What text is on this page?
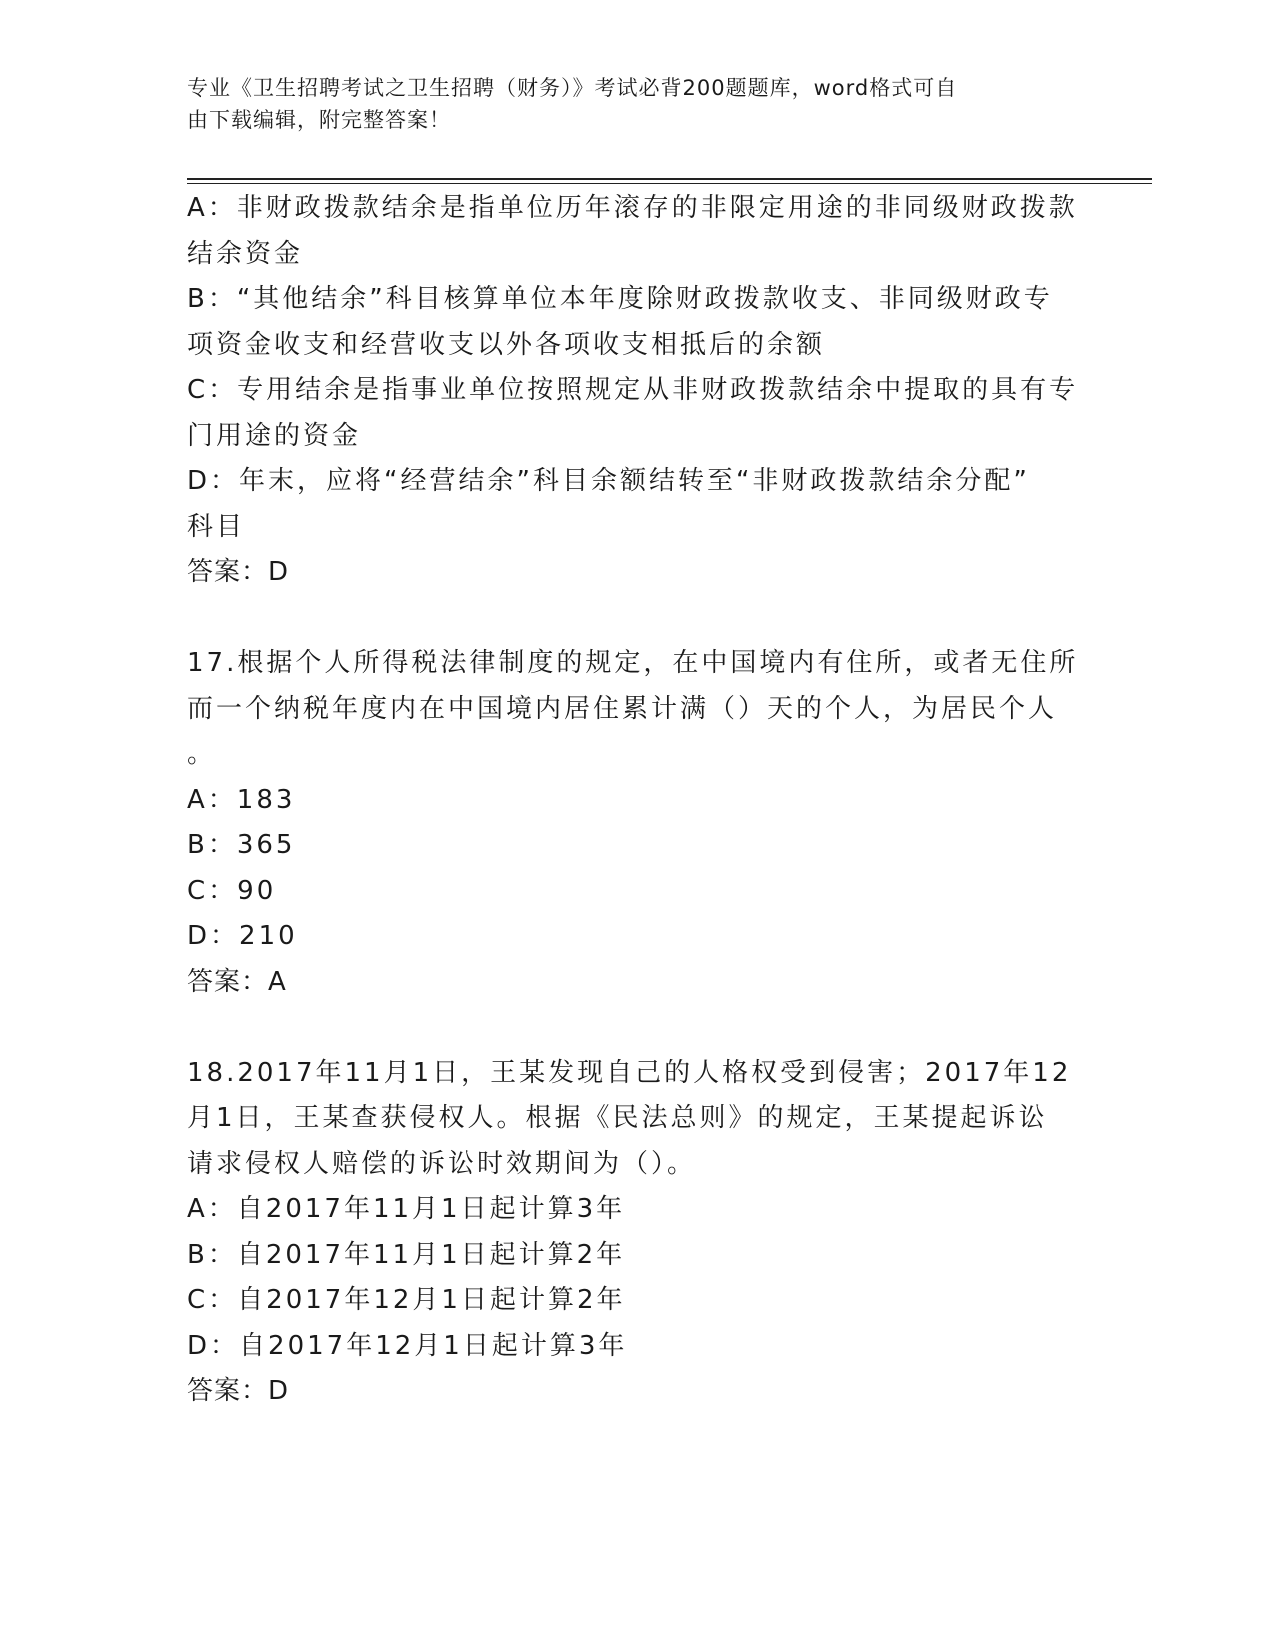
专业《卫生招聘考试之卫生招聘（财务）》考试必背200题题库，word格式可自
由下载编辑，附完整答案！
A：非财政拨款结余是指单位历年滚存的非限定用途的非同级财政拨款
结余资金
B：“其他结余”科目核算单位本年度除财政拨款收支、非同级财政专
项资金收支和经营收支以外各项收支相抵后的余额
C：专用结余是指事业单位按照规定从非财政拨款结余中提取的具有专
门用途的资金
D：年末，应将“经营结余”科目余额结转至“非财政拨款结余分配”
科目
答案：D
17.根据个人所得税法律制度的规定，在中国境内有住所，或者无住所
而一个纳税年度内在中国境内居住累计满（）天的个人，为居民个人
。
A：183
B：365
C：90
D：210
答案：A
18.2017年11月1日，王某发现自己的人格权受到侵害；2017年12
月1日，王某查获侵权人。根据《民法总则》的规定，王某提起诉讼
请求侵权人赔偿的诉讼时效期间为（）。
A：自2017年11月1日起计算3年
B：自2017年11月1日起计算2年
C：自2017年12月1日起计算2年
D：自2017年12月1日起计算3年
答案：D
